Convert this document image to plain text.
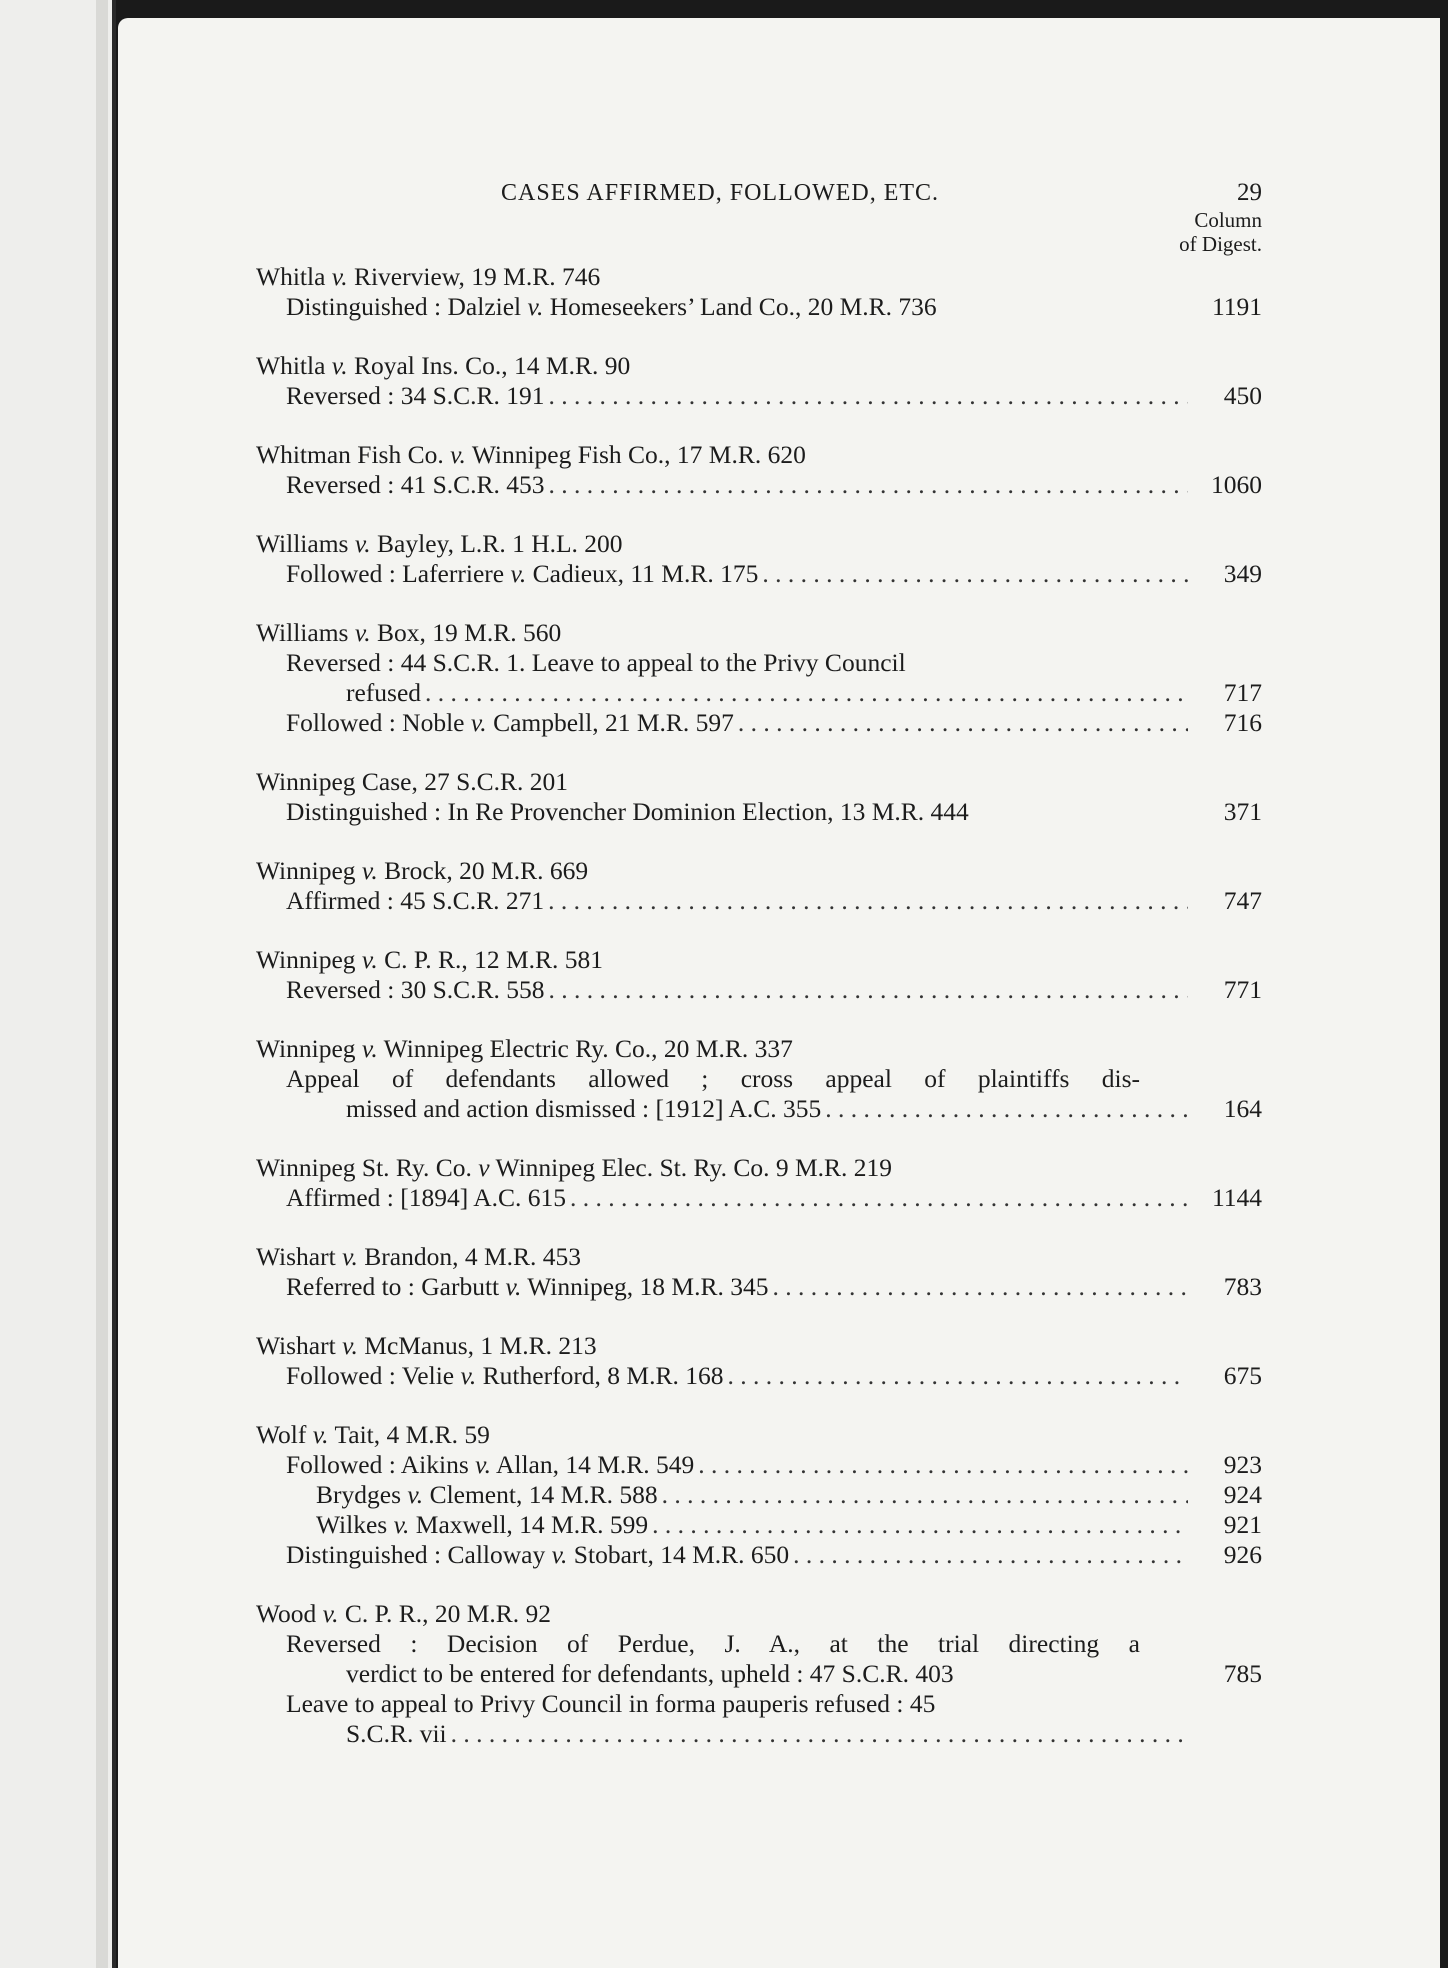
CASES AFFIRMED, FOLLOWED, ETC.	29
Column
of Digest.
Whitla v. Riverview, 19 M.R. 746
Distinguished : Dalziel v. Homeseekers’ Land Co., 20 M.R. 736	1191
Whitla v. Royal Ins. Co., 14 M.R. 90
Reversed : 34 S.C.R. 191 . . .	450
Whitman Fish Co. v. Winnipeg Fish Co., 17 M.R. 620
Reversed : 41 S.C.R. 453 . . .	1060
Williams v. Bayley, L.R. 1 H.L. 200
Followed : Laferriere v. Cadieux, 11 M.R. 175 . . .	349
Williams v. Box, 19 M.R. 560
Reversed : 44 S.C.R. 1. Leave to appeal to the Privy Council
refused . . .	717
Followed : Noble v. Campbell, 21 M.R. 597 . . .	716
Winnipeg Case, 27 S.C.R. 201
Distinguished : In Re Provencher Dominion Election, 13 M.R. 444	371
Winnipeg v. Brock, 20 M.R. 669
Affirmed : 45 S.C.R. 271 . . .	747
Winnipeg v. C. P. R., 12 M.R. 581
Reversed : 30 S.C.R. 558 . . .	771
Winnipeg v. Winnipeg Electric Ry. Co., 20 M.R. 337
Appeal of defendants allowed ; cross appeal of plaintiffs dis-
missed and action dismissed : [1912] A.C. 355 . . .	164
Winnipeg St. Ry. Co. v Winnipeg Elec. St. Ry. Co. 9 M.R. 219
Affirmed : [1894] A.C. 615 . . .	1144
Wishart v. Brandon, 4 M.R. 453
Referred to : Garbutt v. Winnipeg, 18 M.R. 345 . . .	783
Wishart v. McManus, 1 M.R. 213
Followed : Velie v. Rutherford, 8 M.R. 168 . . .	675
Wolf v. Tait, 4 M.R. 59
Followed : Aikins v. Allan, 14 M.R. 549 . . .	923
Brydges v. Clement, 14 M.R. 588 . . .	924
Wilkes v. Maxwell, 14 M.R. 599 . . .	921
Distinguished : Calloway v. Stobart, 14 M.R. 650 . . .	926
Wood v. C. P. R., 20 M.R. 92
Reversed : Decision of Perdue, J. A., at the trial directing a
verdict to be entered for defendants, upheld : 47 S.C.R. 403	785
Leave to appeal to Privy Council in forma pauperis refused : 45
S.C.R. vii
. . .
